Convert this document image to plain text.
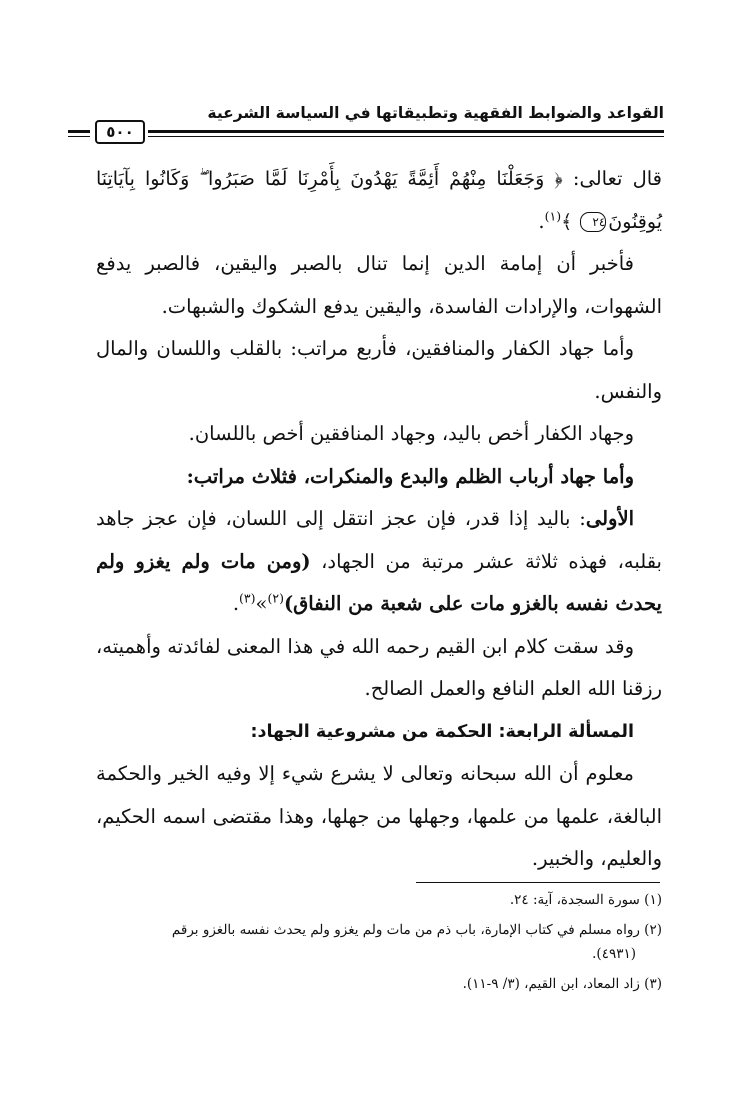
القواعد والضوابط الفقهية وتطبيقاتها في السياسة الشرعية
٥٠٠

قال تعالى: ﴿ وَجَعَلْنَا مِنْهُمْ أَئِمَّةً يَهْدُونَ بِأَمْرِنَا لَمَّا صَبَرُوا ۖ وَكَانُوا بِآيَاتِنَا يُوقِنُونَ٢٤ ﴾$^{(١)}$.

فأخبر أن إمامة الدين إنما تنال بالصبر واليقين، فالصبر يدفع الشهوات، والإرادات الفاسدة، واليقين يدفع الشكوك والشبهات.

وأما جهاد الكفار والمنافقين، فأربع مراتب: بالقلب واللسان والمال والنفس.

وجهاد الكفار أخص باليد، وجهاد المنافقين أخص باللسان.

وأما جهاد أرباب الظلم والبدع والمنكرات، فثلاث مراتب:

الأولى: باليد إذا قدر، فإن عجز انتقل إلى اللسان، فإن عجز جاهد بقلبه، فهذه ثلاثة عشر مرتبة من الجهاد، (ومن مات ولم يغزو ولم يحدث نفسه بالغزو مات على شعبة من النفاق)$^{(٢)}$»$^{(٣)}$.

وقد سقت كلام ابن القيم رحمه الله في هذا المعنى لفائدته وأهميته، رزقنا الله العلم النافع والعمل الصالح.

المسألة الرابعة: الحكمة من مشروعية الجهاد:

معلوم أن الله سبحانه وتعالى لا يشرع شيء إلا وفيه الخير والحكمة البالغة، علمها من علمها، وجهلها من جهلها، وهذا مقتضى اسمه الحكيم، والعليم، والخبير.

(١) سورة السجدة، آية: ٢٤.

(٢) رواه مسلم في كتاب الإمارة، باب ذم من مات ولم يغزو ولم يحدث نفسه بالغزو برقم
(٤٩٣١).

(٣) زاد المعاد، ابن القيم، (٣/ ٩-١١).
